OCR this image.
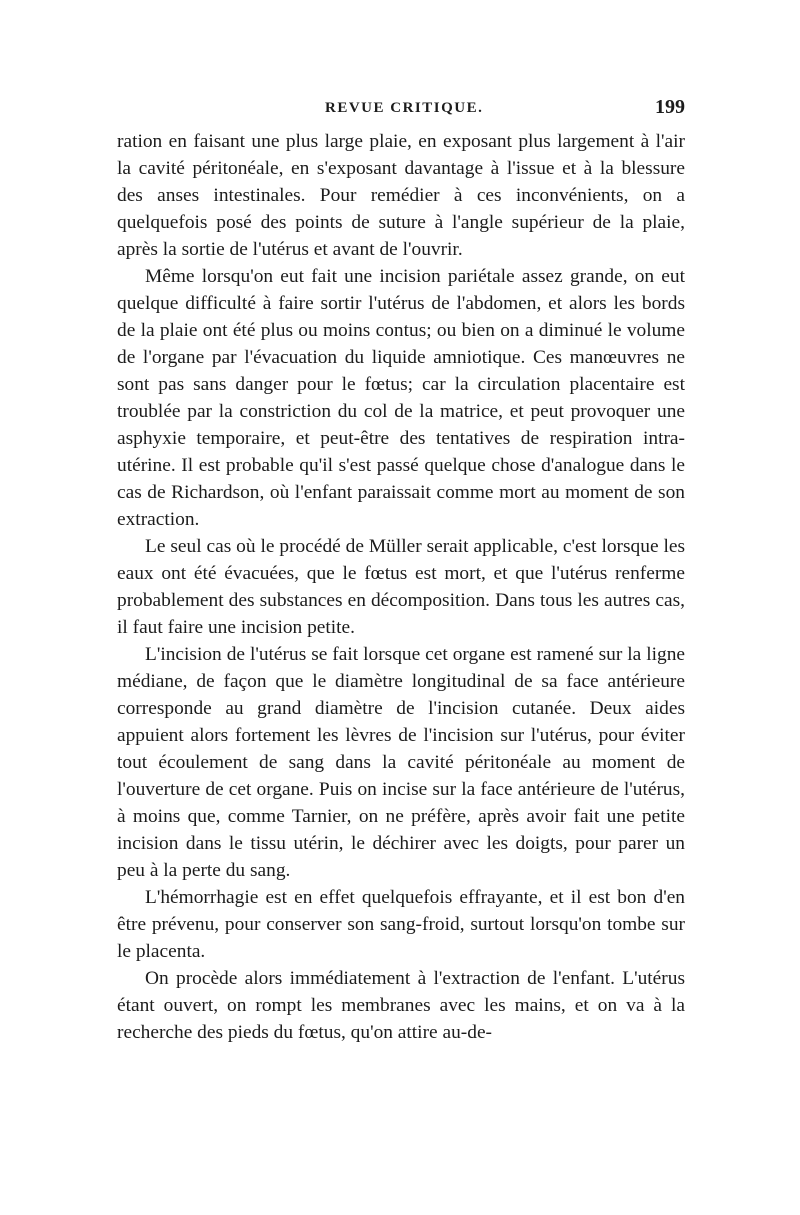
REVUE CRITIQUE.	199

ration en faisant une plus large plaie, en exposant plus largement à l'air la cavité péritonéale, en s'exposant davantage à l'issue et à la blessure des anses intestinales. Pour remédier à ces inconvénients, on a quelquefois posé des points de suture à l'angle supérieur de la plaie, après la sortie de l'utérus et avant de l'ouvrir.

Même lorsqu'on eut fait une incision pariétale assez grande, on eut quelque difficulté à faire sortir l'utérus de l'abdomen, et alors les bords de la plaie ont été plus ou moins contus; ou bien on a diminué le volume de l'organe par l'évacuation du liquide amniotique. Ces manœuvres ne sont pas sans danger pour le fœtus; car la circulation placentaire est troublée par la constriction du col de la matrice, et peut provoquer une asphyxie temporaire, et peut-être des tentatives de respiration intra-utérine. Il est probable qu'il s'est passé quelque chose d'analogue dans le cas de Richardson, où l'enfant paraissait comme mort au moment de son extraction.

Le seul cas où le procédé de Müller serait applicable, c'est lorsque les eaux ont été évacuées, que le fœtus est mort, et que l'utérus renferme probablement des substances en décomposition. Dans tous les autres cas, il faut faire une incision petite.

L'incision de l'utérus se fait lorsque cet organe est ramené sur la ligne médiane, de façon que le diamètre longitudinal de sa face antérieure corresponde au grand diamètre de l'incision cutanée. Deux aides appuient alors fortement les lèvres de l'incision sur l'utérus, pour éviter tout écoulement de sang dans la cavité péritonéale au moment de l'ouverture de cet organe. Puis on incise sur la face antérieure de l'utérus, à moins que, comme Tarnier, on ne préfère, après avoir fait une petite incision dans le tissu utérin, le déchirer avec les doigts, pour parer un peu à la perte du sang.

L'hémorrhagie est en effet quelquefois effrayante, et il est bon d'en être prévenu, pour conserver son sang-froid, surtout lorsqu'on tombe sur le placenta.

On procède alors immédiatement à l'extraction de l'enfant. L'utérus étant ouvert, on rompt les membranes avec les mains, et on va à la recherche des pieds du fœtus, qu'on attire au-de-
